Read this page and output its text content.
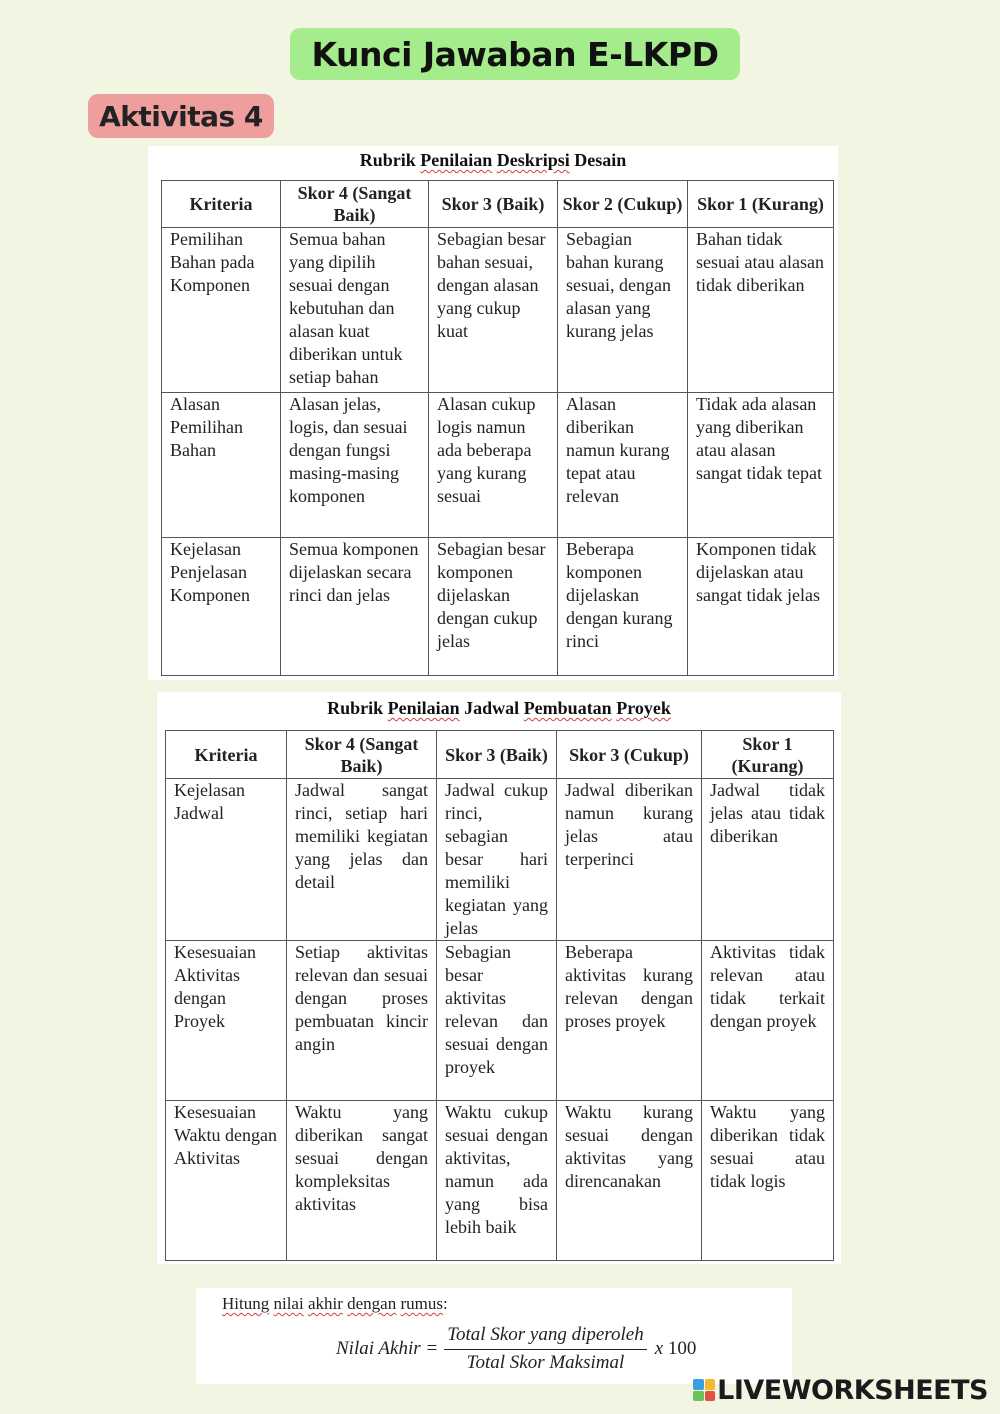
Kunci Jawaban E-LKPD
Aktivitas 4
Rubrik Penilaian Deskripsi Desain
Kriteria	Skor 4 (Sangat Baik)	Skor 3 (Baik)	Skor 2 (Cukup)	Skor 1 (Kurang)
Pemilihan Bahan pada Komponen	Semua bahan yang dipilih sesuai dengan kebutuhan dan alasan kuat diberikan untuk setiap bahan	Sebagian besar bahan sesuai, dengan alasan yang cukup kuat	Sebagian bahan kurang sesuai, dengan alasan yang kurang jelas	Bahan tidak sesuai atau alasan tidak diberikan
Alasan Pemilihan Bahan	Alasan jelas, logis, dan sesuai dengan fungsi masing-masing komponen	Alasan cukup logis namun ada beberapa yang kurang sesuai	Alasan diberikan namun kurang tepat atau relevan	Tidak ada alasan yang diberikan atau alasan sangat tidak tepat
Kejelasan Penjelasan Komponen	Semua komponen dijelaskan secara rinci dan jelas	Sebagian besar komponen dijelaskan dengan cukup jelas	Beberapa komponen dijelaskan dengan kurang rinci	Komponen tidak dijelaskan atau sangat tidak jelas
Rubrik Penilaian Jadwal Pembuatan Proyek
Kriteria	Skor 4 (Sangat Baik)	Skor 3 (Baik)	Skor 3 (Cukup)	Skor 1 (Kurang)
Kejelasan Jadwal	Jadwal sangat rinci, setiap hari memiliki kegiatan yang jelas dan detail	Jadwal cukup rinci, sebagian besar hari memiliki kegiatan yang jelas	Jadwal diberikan namun kurang jelas atau terperinci	Jadwal tidak jelas atau tidak diberikan
Kesesuaian Aktivitas dengan Proyek	Setiap aktivitas relevan dan sesuai dengan proses pembuatan kincir angin	Sebagian besar aktivitas relevan dan sesuai dengan proyek	Beberapa aktivitas kurang relevan dengan proses proyek	Aktivitas tidak relevan atau tidak terkait dengan proyek
Kesesuaian Waktu dengan Aktivitas	Waktu yang diberikan sangat sesuai dengan kompleksitas aktivitas	Waktu cukup sesuai dengan aktivitas, namun ada yang bisa lebih baik	Waktu kurang sesuai dengan aktivitas yang direncanakan	Waktu yang diberikan tidak sesuai atau tidak logis
Hitung nilai akhir dengan rumus:
Nilai Akhir = $\frac{\text{Total Skor yang diperoleh}}{\text{Total Skor Maksimal}}$ x 100
LIVEWORKSHEETS
